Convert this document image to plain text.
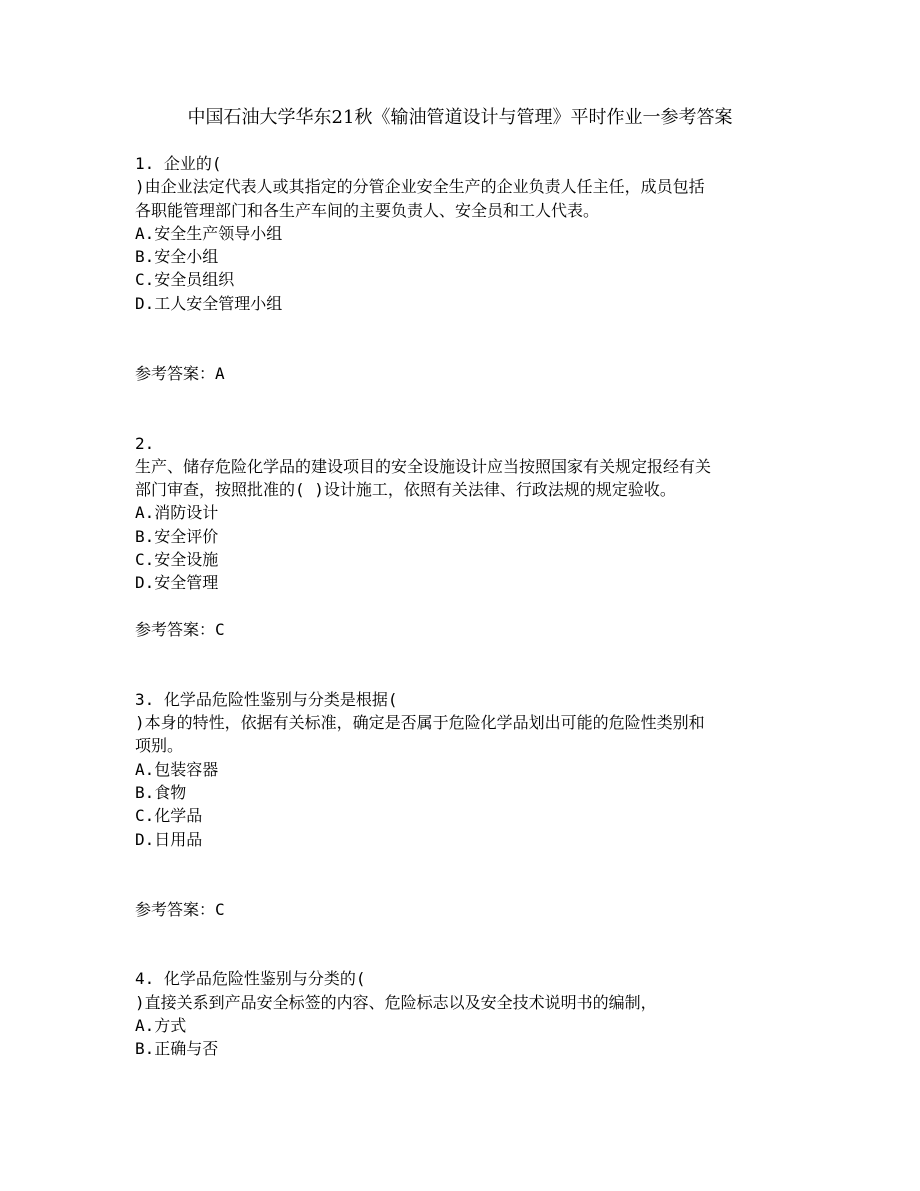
中国石油大学华东21秋《输油管道设计与管理》平时作业一参考答案
1. 企业的(
)由企业法定代表人或其指定的分管企业安全生产的企业负责人任主任，成员包括
各职能管理部门和各生产车间的主要负责人、安全员和工人代表。
A.安全生产领导小组
B.安全小组
C.安全员组织
D.工人安全管理小组
参考答案：A
2.
生产、储存危险化学品的建设项目的安全设施设计应当按照国家有关规定报经有关
部门审查，按照批准的( )设计施工，依照有关法律、行政法规的规定验收。
A.消防设计
B.安全评价
C.安全设施
D.安全管理
参考答案：C
3. 化学品危险性鉴别与分类是根据(
)本身的特性，依据有关标准，确定是否属于危险化学品划出可能的危险性类别和
项别。
A.包装容器
B.食物
C.化学品
D.日用品
参考答案：C
4. 化学品危险性鉴别与分类的(
)直接关系到产品安全标签的内容、危险标志以及安全技术说明书的编制，
A.方式
B.正确与否
